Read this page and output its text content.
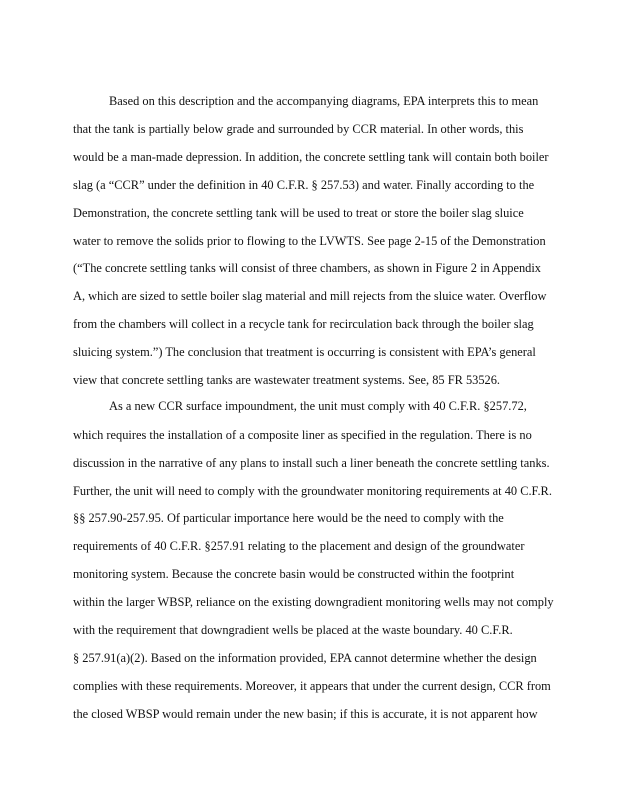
Based on this description and the accompanying diagrams, EPA interprets this to mean
that the tank is partially below grade and surrounded by CCR material. In other words, this
would be a man-made depression. In addition, the concrete settling tank will contain both boiler
slag (a “CCR” under the definition in 40 C.F.R. § 257.53) and water. Finally according to the
Demonstration, the concrete settling tank will be used to treat or store the boiler slag sluice
water to remove the solids prior to flowing to the LVWTS. See page 2-15 of the Demonstration
(“The concrete settling tanks will consist of three chambers, as shown in Figure 2 in Appendix
A, which are sized to settle boiler slag material and mill rejects from the sluice water. Overflow
from the chambers will collect in a recycle tank for recirculation back through the boiler slag
sluicing system.”) The conclusion that treatment is occurring is consistent with EPA’s general
view that concrete settling tanks are wastewater treatment systems. See, 85 FR 53526.
As a new CCR surface impoundment, the unit must comply with 40 C.F.R. §257.72,
which requires the installation of a composite liner as specified in the regulation. There is no
discussion in the narrative of any plans to install such a liner beneath the concrete settling tanks.
Further, the unit will need to comply with the groundwater monitoring requirements at 40 C.F.R.
§§ 257.90-257.95. Of particular importance here would be the need to comply with the
requirements of 40 C.F.R. §257.91 relating to the placement and design of the groundwater
monitoring system. Because the concrete basin would be constructed within the footprint
within the larger WBSP, reliance on the existing downgradient monitoring wells may not comply
with the requirement that downgradient wells be placed at the waste boundary. 40 C.F.R.
§ 257.91(a)(2). Based on the information provided, EPA cannot determine whether the design
complies with these requirements. Moreover, it appears that under the current design, CCR from
the closed WBSP would remain under the new basin; if this is accurate, it is not apparent how
